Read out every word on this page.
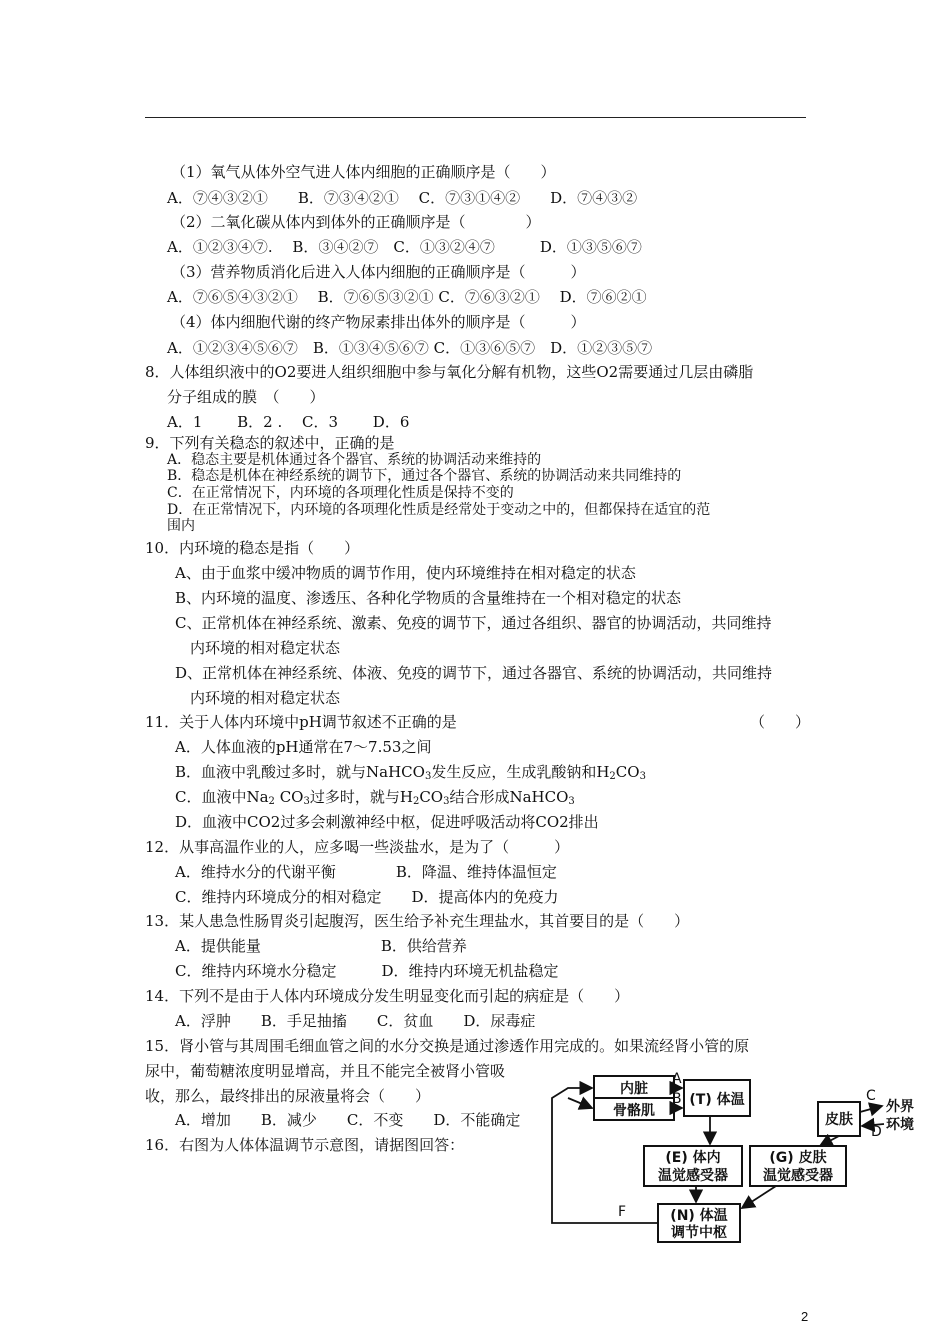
（1）氧气从体外空气进人体内细胞的正确顺序是（　　）
A．⑦④③②①　　B．⑦③④②①　 C．⑦③①④②　　D．⑦④③②
（2）二氧化碳从体内到体外的正确顺序是（　　　　）
A．①②③④⑦.　 B．③④②⑦　C．①③②④⑦　　　D．①③⑤⑥⑦
（3）营养物质消化后进入人体内细胞的正确顺序是（　　　）
A．⑦⑥⑤④③②①　 B．⑦⑥⑤③②① C．⑦⑥③②①　 D．⑦⑥②①
（4）体内细胞代谢的终产物尿素排出体外的顺序是（　　　）
A．①②③④⑤⑥⑦　B．①③④⑤⑥⑦ C．①③⑥⑤⑦　D．①②③⑤⑦
8．人体组织液中的O2要进人组织细胞中参与氧化分解有机物，这些O2需要通过几层由磷脂
分子组成的膜　（　　）
A．1　　 B．2 .　 C．3　　 D．6
9．下列有关稳态的叙述中，正确的是
A．稳态主要是机体通过各个器官、系统的协调活动来维持的
B．稳态是机体在神经系统的调节下，通过各个器官、系统的协调活动来共同维持的
C．在正常情况下，内环境的各项理化性质是保持不变的
D．在正常情况下，内环境的各项理化性质是经常处于变动之中的，但都保持在适宜的范
围内
10．内环境的稳态是指（　　）
A、由于血浆中缓冲物质的调节作用，使内环境维持在相对稳定的状态
B、内环境的温度、渗透压、各种化学物质的含量维持在一个相对稳定的状态
C、正常机体在神经系统、激素、免疫的调节下，通过各组织、器官的协调活动，共同维持
内环境的相对稳定状态
D、正常机体在神经系统、体液、免疫的调节下，通过各器官、系统的协调活动，共同维持
内环境的相对稳定状态
11．关于人体内环境中pH调节叙述不正确的是	（　　）
A．人体血液的pH通常在7～7.53之间
B．血液中乳酸过多时，就与NaHCO$_3$发生反应，生成乳酸钠和$H_2CO_3$
C．血液中$Na_2$ $CO_3$过多时，就与$H_2CO_3$结合形成NaHCO$_3$
D．血液中CO2过多会刺激神经中枢，促进呼吸活动将CO2排出
12．从事高温作业的人，应多喝一些淡盐水，是为了（　　　）
A．维持水分的代谢平衡　　　　B．降温、维持体温恒定
C．维持内环境成分的相对稳定　　D．提高体内的免疫力
13．某人患急性肠胃炎引起腹泻，医生给予补充生理盐水，其首要目的是（　　）
A．提供能量　　　　　　　　B．供给营养
C．维持内环境水分稳定　　　D．维持内环境无机盐稳定
14．下列不是由于人体内环境成分发生明显变化而引起的病症是（　　）
A．浮肿　　B．手足抽搐　　C．贫血　　D．尿毒症
15．肾小管与其周围毛细血管之间的水分交换是通过渗透作用完成的。如果流经肾小管的原
尿中，葡萄糖浓度明显增高，并且不能完全被肾小管吸
收，那么，最终排出的尿液量将会（　　）
A．增加　　B．减少　　C．不变　　D．不能确定
16．右图为人体体温调节示意图，请据图回答：
内脏
骨骼肌
(T) 体温
皮肤
(E) 体内
温觉感受器
(G) 皮肤
温觉感受器
(N) 体温
调节中枢
A
B
F
C
D
外界
环境
2
